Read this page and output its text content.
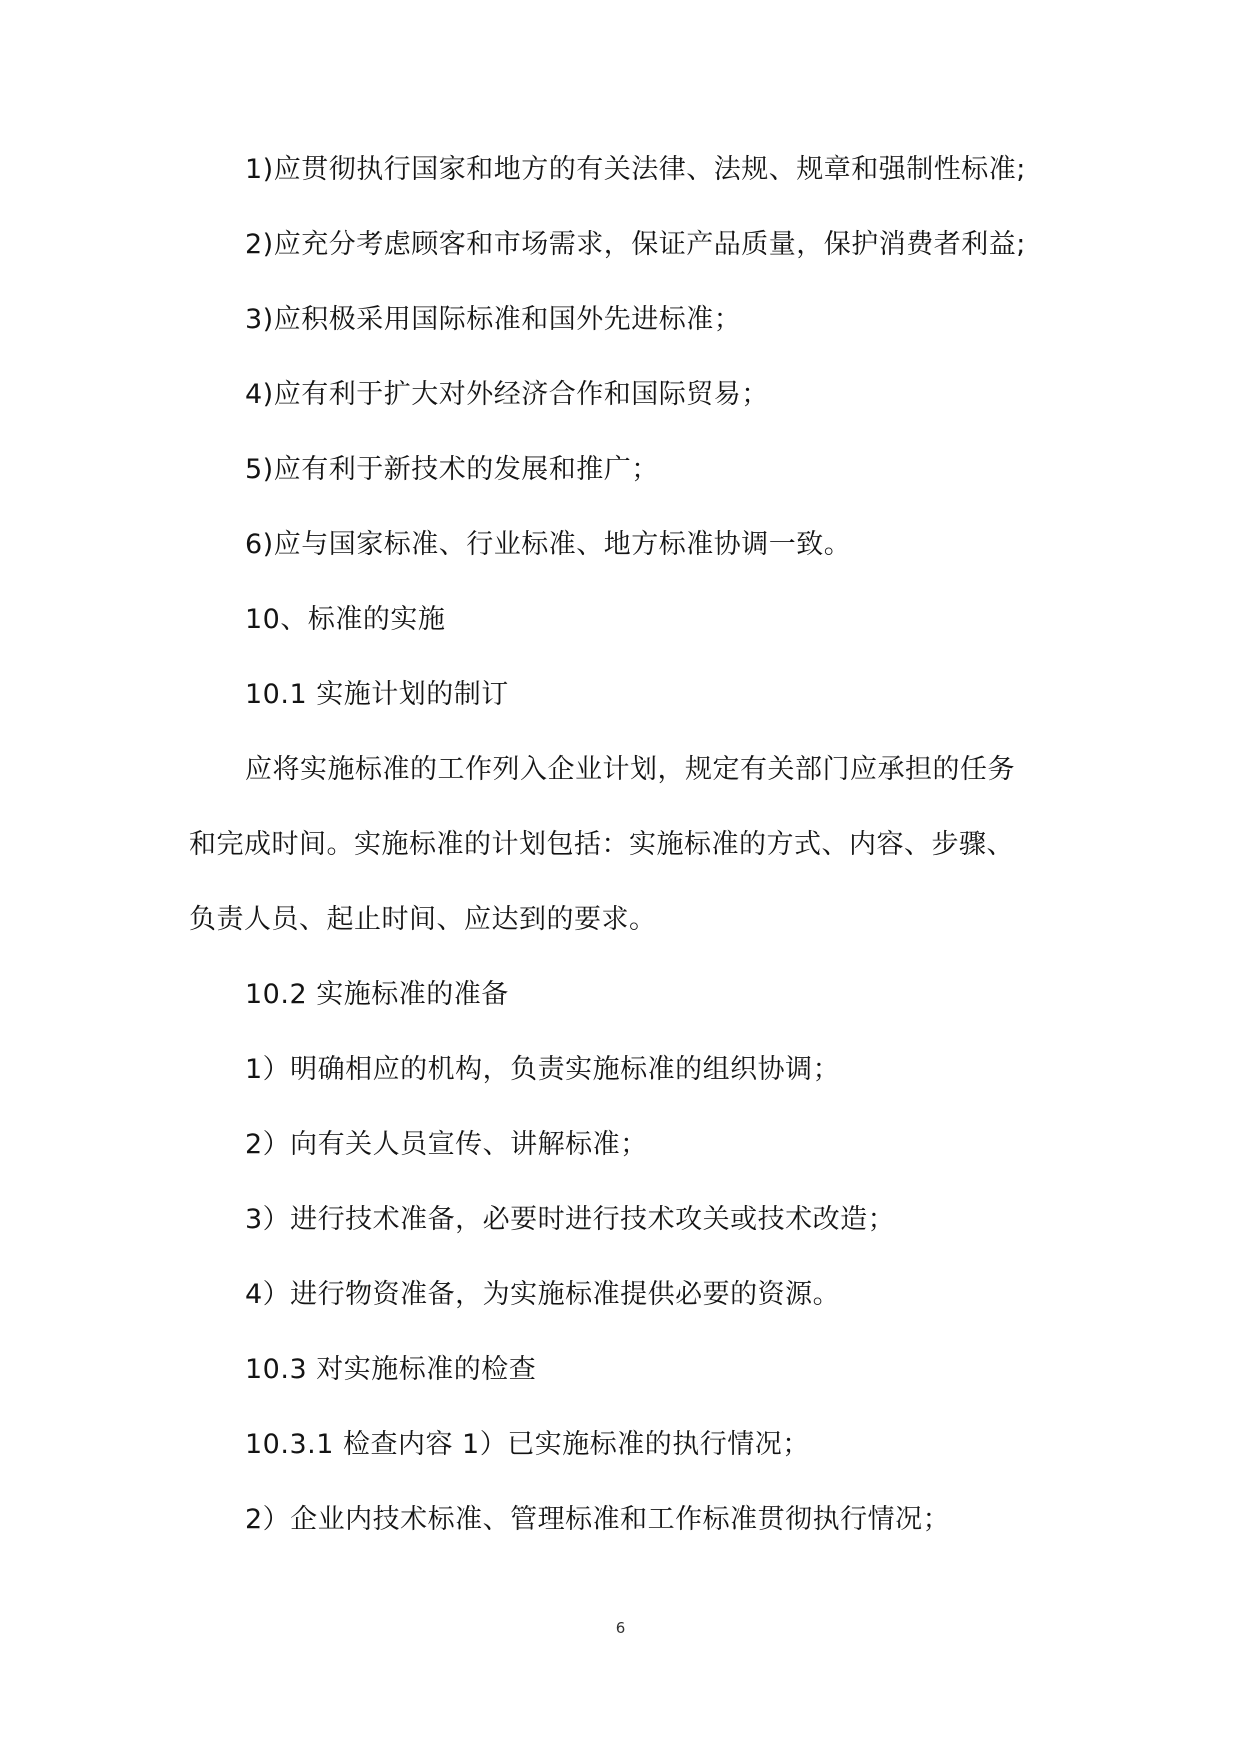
1)应贯彻执行国家和地方的有关法律、法规、规章和强制性标准;

2)应充分考虑顾客和市场需求，保证产品质量，保护消费者利益;

3)应积极采用国际标准和国外先进标准；

4)应有利于扩大对外经济合作和国际贸易；

5)应有利于新技术的发展和推广；

6)应与国家标准、行业标准、地方标准协调一致。

10、标准的实施

10.1 实施计划的制订

应将实施标准的工作列入企业计划，规定有关部门应承担的任务

和完成时间。实施标准的计划包括：实施标准的方式、内容、步骤、

负责人员、起止时间、应达到的要求。

10.2 实施标准的准备

1）明确相应的机构，负责实施标准的组织协调；

2）向有关人员宣传、讲解标准；

3）进行技术准备，必要时进行技术攻关或技术改造；

4）进行物资准备，为实施标准提供必要的资源。

10.3 对实施标准的检查

10.3.1 检查内容 1）已实施标准的执行情况；

2）企业内技术标准、管理标准和工作标准贯彻执行情况；

6
